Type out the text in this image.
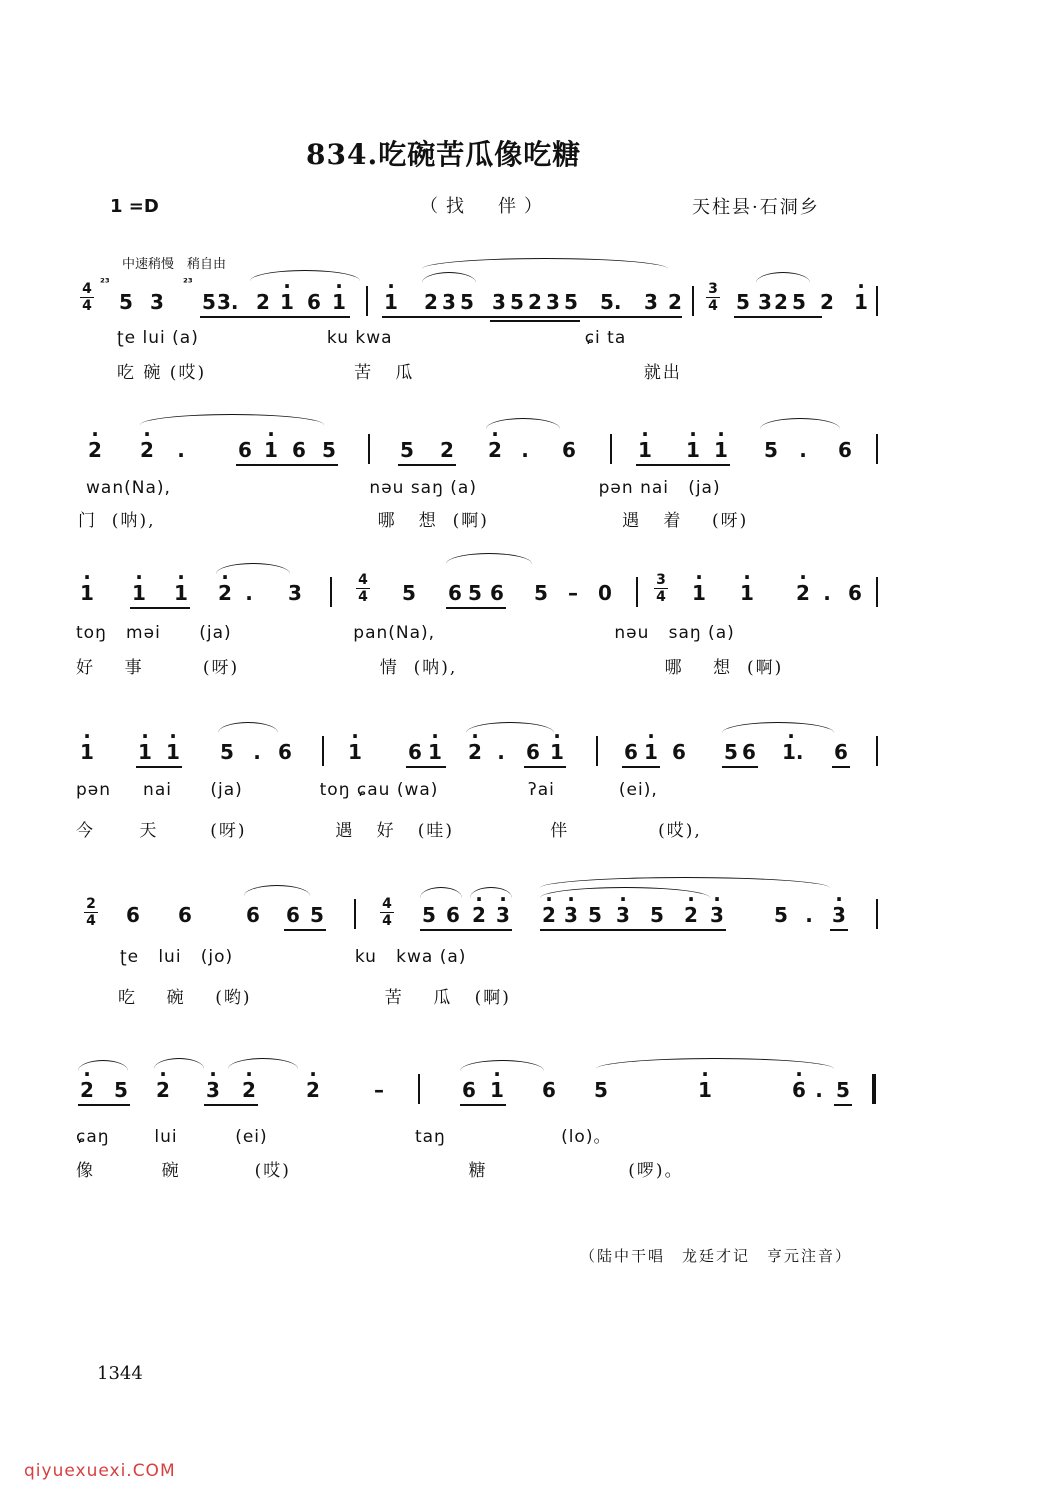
834.吃碗苦瓜像吃糖
1 =D	（找　伴）	天柱县·石洞乡
中速稍慢　稍自由
4
4
²³
5 3
²³
5 3. 2 · 1 6 · 1 · 1 2 3 5 3 5 2 3 5 5. 3 2
3
4 5 3 2 5 2 · 1
ʈe lui (a)                    ku kwa                              ɕi ta
吃 碗 (哎)                    苦   瓜                               就出
· 2 · 2 .	6 · 1 6 5	5 2 · 2 . 6	· 1 · 1 · 1 5 . 6
wan(Na),                               nəu saŋ (a)                   pən nai   (ja)
门  (呐),                              哪   想  (啊)                  遇   着    (呀)
· 1 · 1 · 1 · 2 . 3
4
4 5 6 5 6 5 – 0
3
4 · 1 · 1 · 2 . 6
toŋ   məi      (ja)                   pan(Na),                            nəu   saŋ (a)
好    事        (呀)                   情  (呐),                            哪    想  (啊)
· 1 · 1 · 1 5 . 6	· 1 6 · 1 · 2 . 6 · 1	6 · 1 6 5 6 · 1. 6
pən     nai      (ja)            toŋ ɕau (wa)              ʔai          (ei),
今      天       (呀)            遇   好   (哇)             伴            (哎),
2
4 6 6	6 6 5	4
4 5 6 · 2 · 3 · 2 · 3 5 · 3 5 · 2 · 3	5 . · 3
ʈe   lui   (jo)                   ku   kwa (a)
吃    碗    (哟)                  苦    瓜   (啊)
· 2 5 · 2 · 3 · 2	· 2	–	6 · 1 6 5	· 1	· 6 . 5
ɕaŋ       lui         (ei)                       taŋ                  (lo)。
像         碗          (哎)                        糖                   (啰)。
（陆中干唱　龙廷才记　亨元注音）
1344
qiyuexuexi.COM
